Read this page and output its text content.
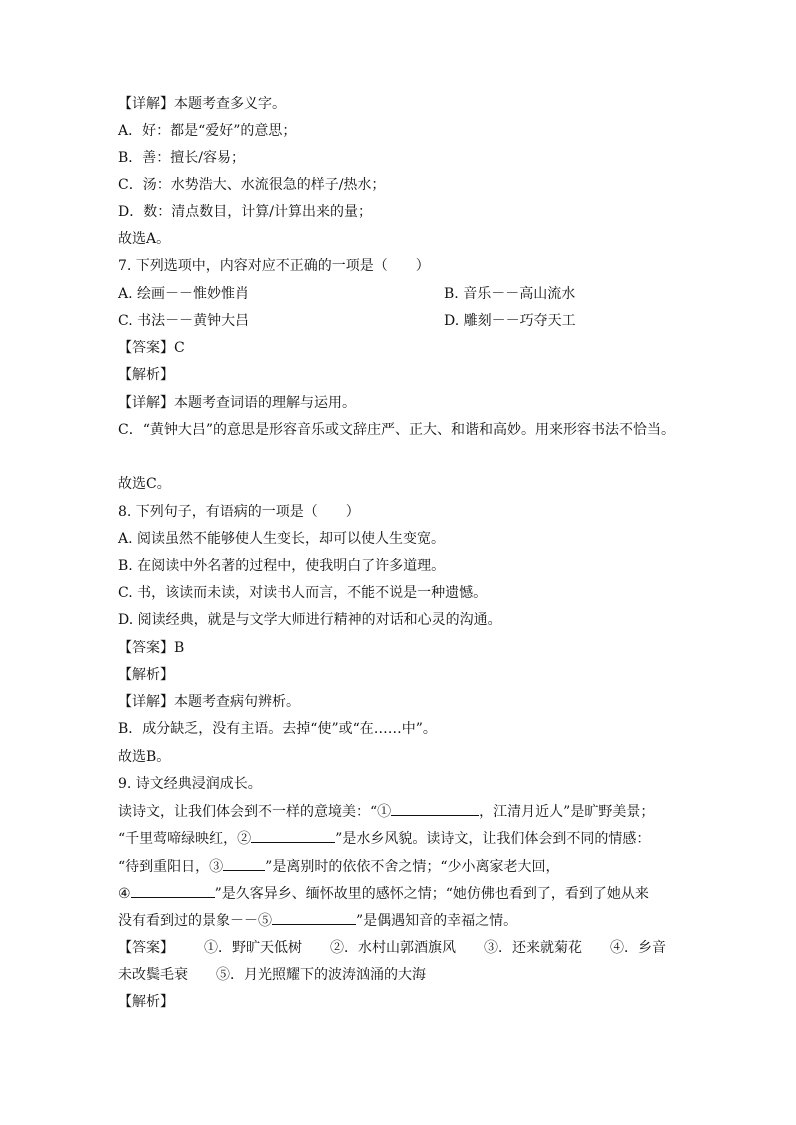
【详解】本题考查多义字。
A．好：都是“爱好”的意思；
B．善：擅长/容易；
C．汤：水势浩大、水流很急的样子/热水；
D．数：清点数目，计算/计算出来的量；
故选A。
7. 下列选项中，内容对应不正确的一项是（　　）
A. 绘画－－惟妙惟肖	B. 音乐－－高山流水
C. 书法－－黄钟大吕	D. 雕刻－－巧夺天工
【答案】C
【解析】
【详解】本题考查词语的理解与运用。
C．“黄钟大吕”的意思是形容音乐或文辞庄严、正大、和谐和高妙。用来形容书法不恰当。
故选C。
8. 下列句子，有语病的一项是（　　）
A. 阅读虽然不能够使人生变长，却可以使人生变宽。
B. 在阅读中外名著的过程中，使我明白了许多道理。
C. 书，该读而未读，对读书人而言，不能不说是一种遗憾。
D. 阅读经典，就是与文学大师进行精神的对话和心灵的沟通。
【答案】B
【解析】
【详解】本题考查病句辨析。
B．成分缺乏，没有主语。去掉“使”或“在……中”。
故选B。
9. 诗文经典浸润成长。
读诗文，让我们体会到不一样的意境美：“①	，江清月近人”是旷野美景；
“千里莺啼绿映红，②	”是水乡风貌。读诗文，让我们体会到不同的情感：
“待到重阳日，③	”是离别时的依依不舍之情；“少小离家老大回，
④	”是久客异乡、缅怀故里的感怀之情；“她仿佛也看到了，看到了她从来
没有看到过的景象－－⑤	”是偶遇知音的幸福之情。
【答案】 ①．野旷天低树 ②．水村山郭酒旗风 ③．还来就菊花 ④．乡音
未改鬓毛衰 ⑤．月光照耀下的波涛汹涌的大海
【解析】
